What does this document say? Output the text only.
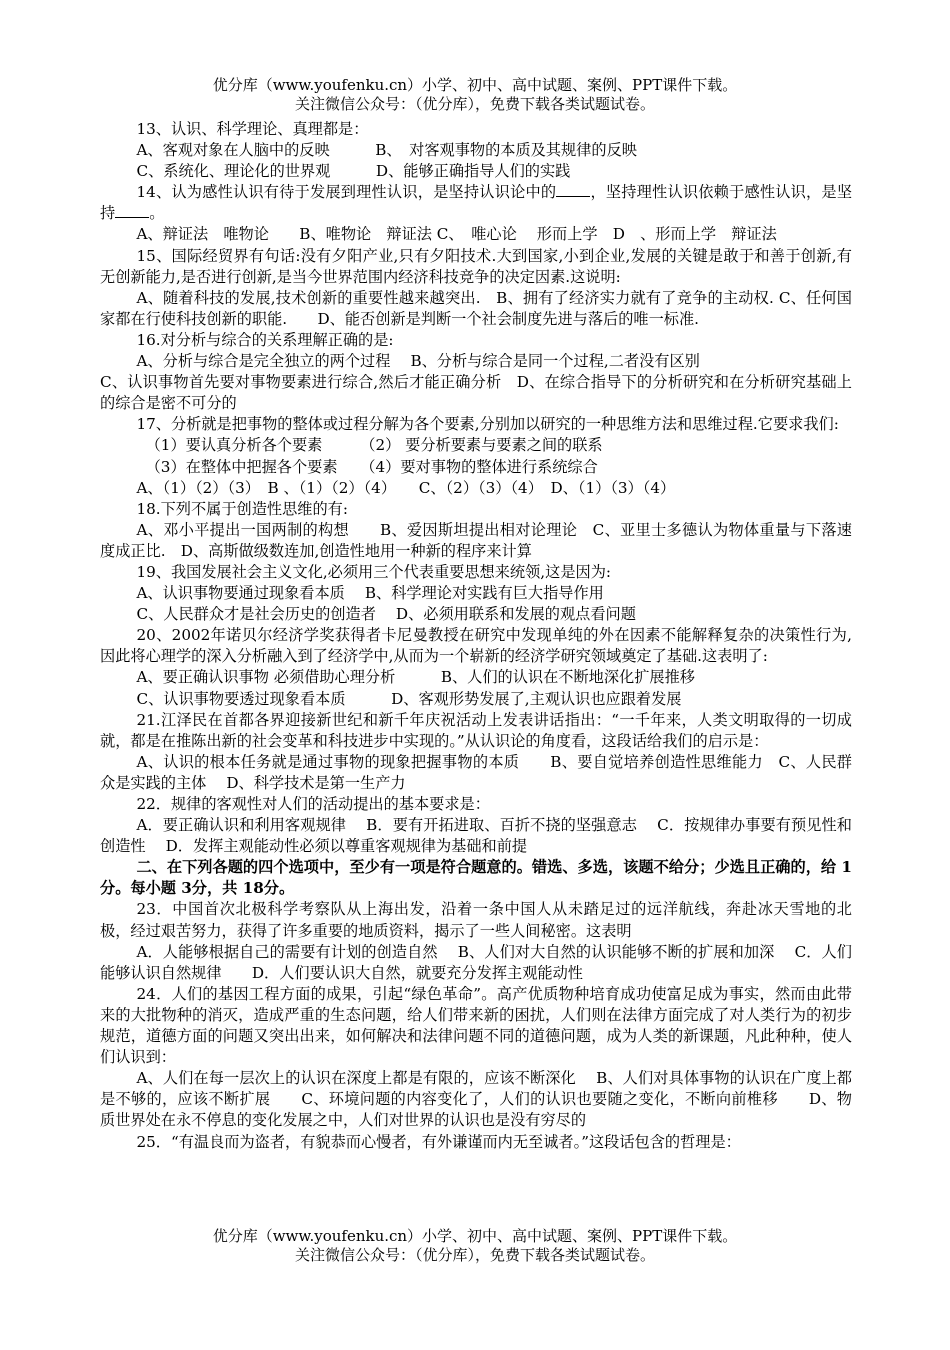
优分库（www.youfenku.cn）小学、初中、高中试题、案例、PPT课件下载。
关注微信公众号：（优分库），免费下载各类试题试卷。

13、认识、科学理论、真理都是：

A、客观对象在人脑中的反映　　　B、　对客观事物的本质及其规律的反映

C、系统化、理论化的世界观　　　D、能够正确指导人们的实践

14、认为感性认识有待于发展到理性认识，是坚持认识论中的 ，坚持理性认识依赖于感性认识，是坚持 。

A、辩证法　唯物论　　B、唯物论　辩证法 C、　唯心论　 形而上学　D　、形而上学　辩证法

15、国际经贸界有句话:没有夕阳产业,只有夕阳技术.大到国家,小到企业,发展的关键是敢于和善于创新,有无创新能力,是否进行创新,是当今世界范围内经济科技竞争的决定因素.这说明:

A、随着科技的发展,技术创新的重要性越来越突出.　B、拥有了经济实力就有了竞争的主动权. C、任何国家都在行使科技创新的职能.　　D、能否创新是判断一个社会制度先进与落后的唯一标准.

16.对分析与综合的关系理解正确的是:

A、分析与综合是完全独立的两个过程　 B、分析与综合是同一个过程,二者没有区别

C、认识事物首先要对事物要素进行综合,然后才能正确分析　D、在综合指导下的分析研究和在分析研究基础上的综合是密不可分的

17、分析就是把事物的整体或过程分解为各个要素,分别加以研究的一种思维方法和思维过程.它要求我们:

（1）要认真分析各个要素　　　（2） 要分析要素与要素之间的联系

（3）在整体中把握各个要素　　（4）要对事物的整体进行系统综合

A、（1）（2）（3）　B 、（1）（2）（4）　　C、（2）（3）（4）　D、（1）（3）（4）

18.下列不属于创造性思维的有:

A、邓小平提出一国两制的构想　　B、爱因斯坦提出相对论理论　C、亚里士多德认为物体重量与下落速度成正比.　D、高斯做级数连加,创造性地用一种新的程序来计算

19、我国发展社会主义文化,必须用三个代表重要思想来统领,这是因为:

A、认识事物要通过现象看本质　 B、科学理论对实践有巨大指导作用

C、人民群众才是社会历史的创造者　 D、必须用联系和发展的观点看问题

20、2002年诺贝尔经济学奖获得者卡尼曼教授在研究中发现单纯的外在因素不能解释复杂的决策性行为,因此将心理学的深入分析融入到了经济学中,从而为一个崭新的经济学研究领域奠定了基础.这表明了:

A、要正确认识事物 必须借助心理分析　　　B、人们的认识在不断地深化扩展推移

C、认识事物要透过现象看本质　　　D、客观形势发展了,主观认识也应跟着发展

21.江泽民在首都各界迎接新世纪和新千年庆祝活动上发表讲话指出：“一千年来，人类文明取得的一切成就，都是在推陈出新的社会变革和科技进步中实现的。”从认识论的角度看，这段话给我们的启示是：

A、认识的根本任务就是通过事物的现象把握事物的本质　　B、要自觉培养创造性思维能力　C、人民群众是实践的主体　 D、科学技术是第一生产力

22．规律的客观性对人们的活动提出的基本要求是：

A．要正确认识和利用客观规律　 B．要有开拓进取、百折不挠的坚强意志　 C．按规律办事要有预见性和创造性　 D．发挥主观能动性必须以尊重客观规律为基础和前提

二、在下列各题的四个选项中，至少有一项是符合题意的。错选、多选，该题不给分；少选且正确的，给 1分。每小题 3分，共 18分。

23．中国首次北极科学考察队从上海出发，沿着一条中国人从未踏足过的远洋航线，奔赴冰天雪地的北极，经过艰苦努力，获得了许多重要的地质资料，揭示了一些人间秘密。这表明

A．人能够根据自己的需要有计划的创造自然　 B、人们对大自然的认识能够不断的扩展和加深　 C．人们能够认识自然规律　　D．人们要认识大自然，就要充分发挥主观能动性

24．人们的基因工程方面的成果，引起“绿色革命”。高产优质物种培育成功使富足成为事实，然而由此带来的大批物种的消灭，造成严重的生态问题，给人们带来新的困扰，人们则在法律方面完成了对人类行为的初步规范，道德方面的问题又突出出来，如何解决和法律问题不同的道德问题，成为人类的新课题，凡此种种，使人们认识到：

A、人们在每一层次上的认识在深度上都是有限的，应该不断深化　 B、人们对具体事物的认识在广度上都是不够的，应该不断扩展　　C、环境问题的内容变化了，人们的认识也要随之变化，不断向前椎移　　D、物质世界处在永不停息的变化发展之中，人们对世界的认识也是没有穷尽的

25．“有温良而为盗者，有貌恭而心慢者，有外谦谨而内无至诚者。”这段话包含的哲理是：

优分库（www.youfenku.cn）小学、初中、高中试题、案例、PPT课件下载。
关注微信公众号：（优分库），免费下载各类试题试卷。
